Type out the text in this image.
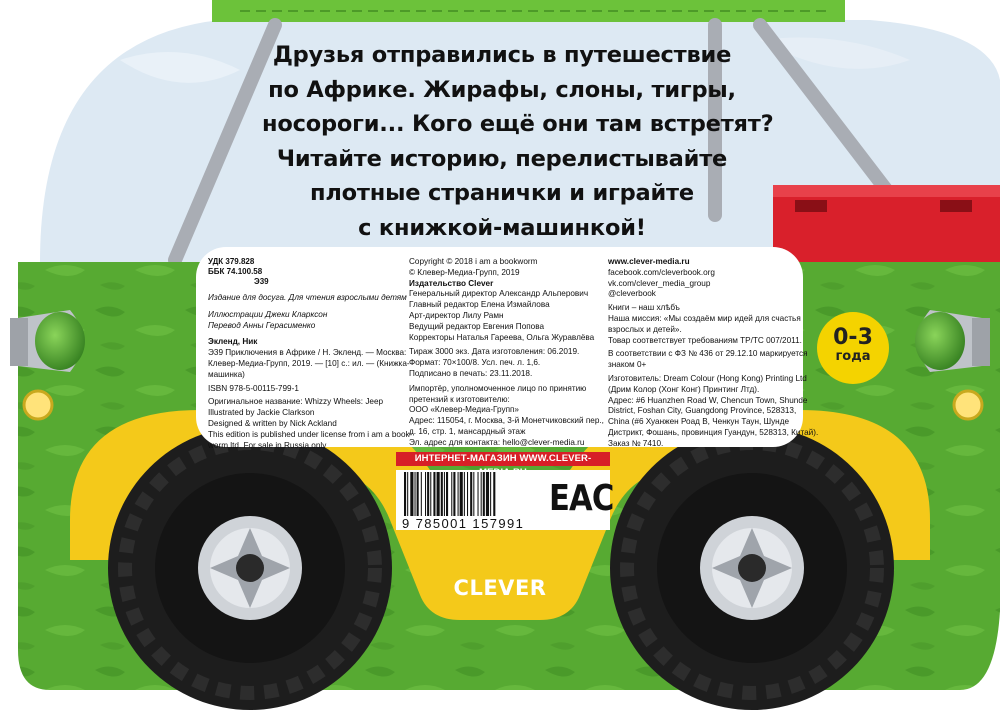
Друзья отправились в путешествие
по Африке. Жирафы, слоны, тигры,
носороги... Кого ещё они там встретят?
Читайте историю, перелистывайте
плотные странички и играйте
с книжкой-машинкой!
УДК 379.828
ББК 74.100.58
Э39
Издание для досуга. Для чтения взрослыми детям
Иллюстрации Джеки Кларксон
Перевод Анны Герасименко
Экленд, Ник
Э39 Приключения в Африке / Н. Экленд. — Москва:
Клевер-Медиа-Групп, 2019. — [10] с.: ил. — (Книжка-
машинка)
ISBN 978-5-00115-799-1
Оригинальное название: Whizzy Wheels: Jeep
Illustrated by Jackie Clarkson
Designed & written by Nick Ackland
This edition is published under license from i am a book-
worm ltd. For sale in Russia only
Copyright © 2018 i am a bookworm
© Клевер-Медиа-Групп, 2019
Издательство Clever
Генеральный директор Александр Альперович
Главный редактор Елена Измайлова
Арт-директор Лилу Рамн
Ведущий редактор Евгения Попова
Корректоры Наталья Гареева, Ольга Журавлёва
Тираж 3000 экз. Дата изготовления: 06.2019.
Формат: 70×100/8. Усл. печ. л. 1,6.
Подписано в печать: 23.11.2018.
Импортёр, уполномоченное лицо по принятию
претензий к изготовителю:
ООО «Клевер-Медиа-Групп»
Адрес: 115054, г. Москва, 3-й Монетчиковский пер.,
д. 16, стр. 1, мансардный этаж
Эл. адрес для контакта: hello@clever-media.ru
www.clever-media.ru
facebook.com/cleverbook.org
vk.com/clever_media_group
@cleverbook
Книги – наш хлѣбъ
Наша миссия: «Мы создаём мир идей для счастья
взрослых и детей».
Товар соответствует требованиям ТР/ТС 007/2011.
В соответствии с ФЗ № 436 от 29.12.10 маркируется
знаком 0+
Изготовитель: Dream Colour (Hong Kong) Printing Ltd
(Дрим Колор (Хонг Конг) Принтинг Лтд).
Адрес: #6 Huanzhen Road W, Chencun Town, Shunde
District, Foshan City, Guangdong Province, 528313,
China (#6 Хуанжен Роад В, Ченкун Таун, Шунде
Дистрикт, Фошань, провинция Гуандун, 528313, Китай).
Заказ № 7410.
0-3
года
ИНТЕРНЕТ-МАГАЗИН WWW.CLEVER-
9 785001 157991
EAC
CLEVER
